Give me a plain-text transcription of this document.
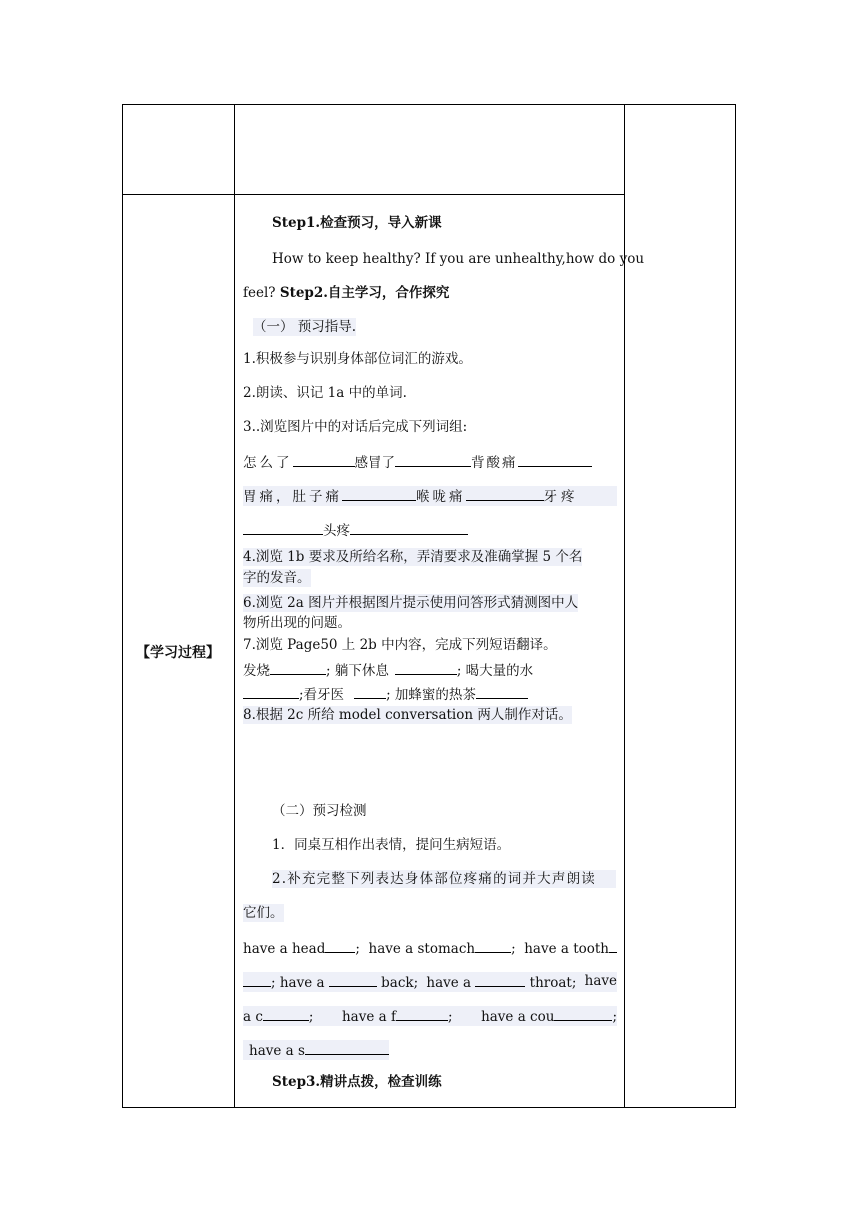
【学习过程】
Step1.检查预习，导入新课
How to keep healthy? If you are unhealthy,how do you
feel? Step2.自主学习，合作探究
（一） 预习指导.
1.积极参与识别身体部位词汇的游戏。
2.朗读、识记 1a 中的单词.
3..浏览图片中的对话后完成下列词组:
怎么了	感冒了	背酸痛
胃痛，肚子痛	喉咙痛	牙疼
头疼
4.浏览 1b 要求及所给名称，弄清要求及准确掌握 5 个名
字的发音。
6.浏览 2a 图片并根据图片提示使用问答形式猜测图中人
物所出现的问题。
7.浏览 Page50 上 2b 中内容，完成下列短语翻译。
发烧	; 躺下休息	; 喝大量的水
;看牙医	; 加蜂蜜的热茶
8.根据 2c 所给 model conversation 两人制作对话。
（二）预习检测
1．同桌互相作出表情，提问生病短语。
2.补充完整下列表达身体部位疼痛的词并大声朗读
它们。
have a head ; have a stomach	; have a tooth
; have a	back; have a	throat; have
a c	; have a f	; have a cou	;
have a s
Step3.精讲点拨，检查训练
